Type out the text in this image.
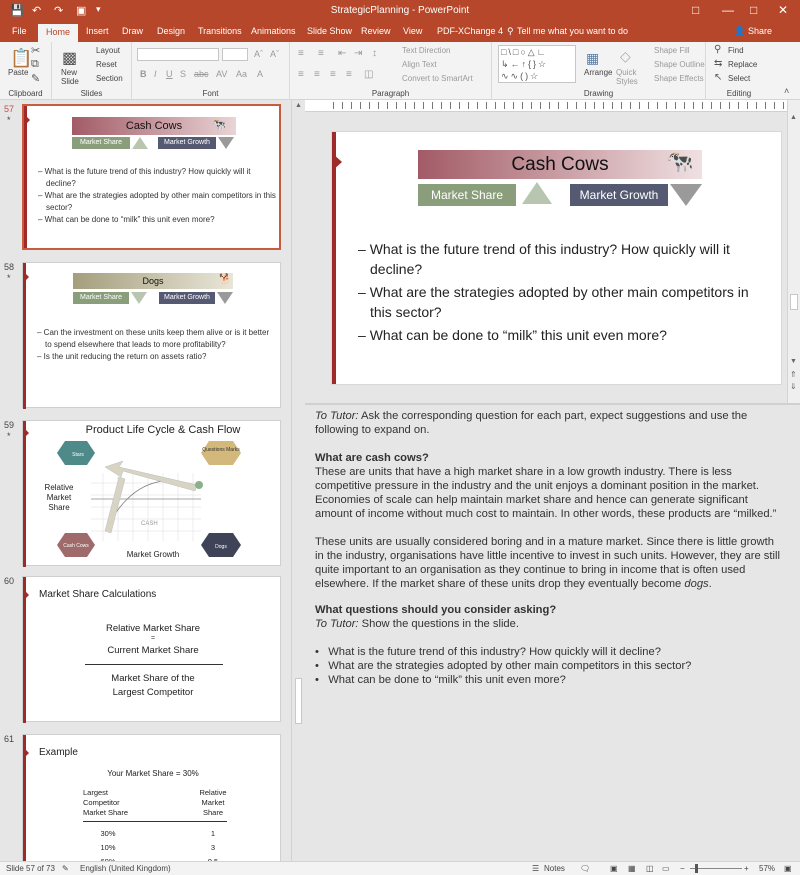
💾 ↶ ↷ ▣ ▾	StrategicPlanning - PowerPoint	□ — □ ✕
File	Home	Insert Draw Design Transitions Animations Slide Show Review View PDF-XChange 4 ⚲ Tell me what you want to do	👤 Share
📋
Paste
✂
⧉
✎
Clipboard
▩
New Slide
Layout
Reset
Section
Slides
Aˆ Aˇ
B I U S abc AV Aa A
Font
≡ ≡ ⇤ ⇥ ↕
≡ ≡ ≡ ≡ ◫
Text Direction
Align Text
Convert to SmartArt
Paragraph
□\□○△∟
↳←↑{}☆
∿∿()☆
▦
Arrange
◇
Quick Styles
Shape Fill
Shape Outline
Shape Effects
Drawing
⚲ Find
⇆ Replace
↖ Select
Editing	˄
57
*	Cash Cows	🐄
Market Share	Market Growth
– What is the future trend of this industry? How quickly will it decline?
– What are the strategies adopted by other main competitors in this sector?
– What can be done to “milk” this unit even more?
58
*	Dogs	🐕
Market Share	Market Growth
– Can the investment on these units keep them alive or is it better to spend elsewhere that leads to more profitability?
– Is the unit reducing the return on assets ratio?
59
*	Product Life Cycle & Cash Flow
Stars
Questions Marks
Cash Cows	Dogs
CASH
Relative Market Share
Market Growth
60
Market Share Calculations
Relative Market Share
=
Current Market Share
Market Share of the
Largest Competitor
61
Example
Your Market Share = 30%
Largest
Competitor
Market Share
Relative
Market
Share
30%	1
10%	3
▲
▲
▼
⇑
⇓
Cash Cows	🐄
Market Share	Market Growth
– What is the future trend of this industry? How quickly will it decline?
– What are the strategies adopted by other main competitors in this sector?
– What can be done to “milk” this unit even more?
To Tutor: Ask the corresponding question for each part, expect suggestions and use the following to expand on.
What are cash cows?
These are units that have a high market share in a low growth industry. There is less competitive pressure in the industry and the unit enjoys a dominant position in the market. Economies of scale can help maintain market share and hence can generate significant amount of income without much cost to maintain. In other words, these products are “milked.”
These units are usually considered boring and in a mature market. Since there is little growth in the industry, organisations have little incentive to invest in such units. However, they are still quite important to an organisation as they continue to bring in income that is often used elsewhere. If the market share of these units drop they eventually become dogs.
What questions should you consider asking?
To Tutor: Show the questions in the slide.
•   What is the future trend of this industry? How quickly will it decline?
•   What are the strategies adopted by other main competitors in this sector?
•   What can be done to “milk” this unit even more?
Slide 57 of 73 ✎ English (United Kingdom)	☰ Notes 🗨 ▣ ▦ ◫ ▭ −	+ 57% ▣
